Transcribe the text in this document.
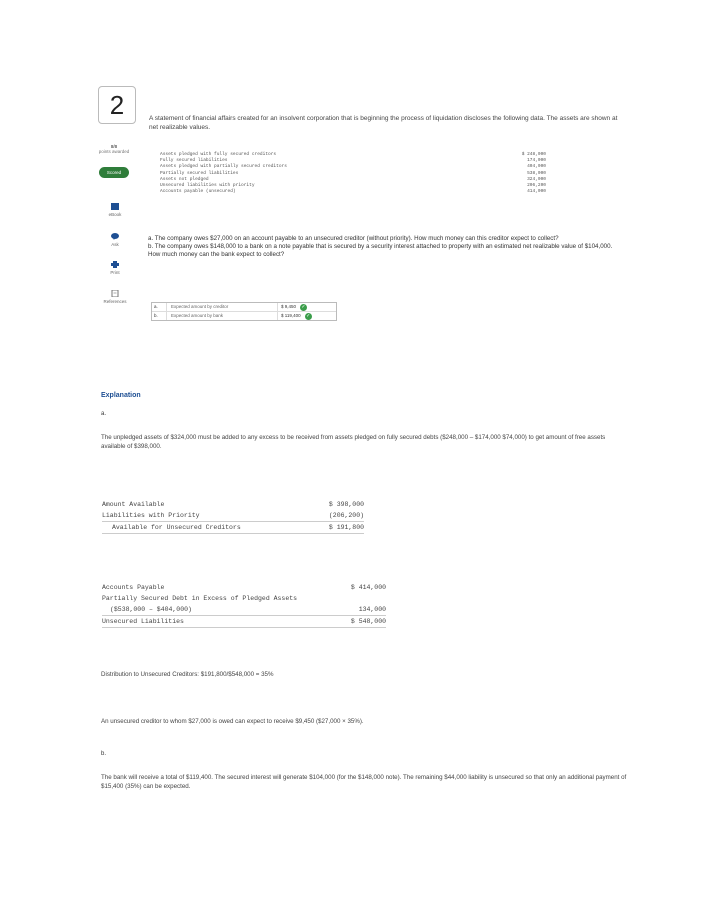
2	A statement of financial affairs created for an insolvent corporation that is beginning the process of liquidation discloses the following data. The assets are shown at net realizable values.
8/8
points awarded
Scored
eBook
Ask
Print
References
Assets pledged with fully secured creditors	$ 248,000
Fully secured liabilities	174,000
Assets pledged with partially secured creditors	404,000
Partially secured liabilities	538,000
Assets not pledged	324,000
Unsecured liabilities with priority	206,200
Accounts payable (unsecured)	414,000
a. The company owes $27,000 on an account payable to an unsecured creditor (without priority). How much money can this creditor expect to collect?
b. The company owes $148,000 to a bank on a note payable that is secured by a security interest attached to property with an estimated net realizable value of $104,000. How much money can the bank expect to collect?
a.	Expected amount by creditor	$ 9,450 ✓
b.	Expected amount by bank	$ 119,400 ✓
Explanation
a.
The unpledged assets of $324,000 must be added to any excess to be received from assets pledged on fully secured debts ($248,000 – $174,000 $74,000) to get amount of free assets available of $398,000.
Amount Available	$ 398,000
Liabilities with Priority	(206,200)
Available for Unsecured Creditors	$ 191,800
Accounts Payable	$ 414,000
Partially Secured Debt in Excess of Pledged Assets
($538,000 – $404,000)	134,000
Unsecured Liabilities	$ 548,000
Distribution to Unsecured Creditors: $191,800/$548,000 = 35%
An unsecured creditor to whom $27,000 is owed can expect to receive $9,450 ($27,000 × 35%).
b.
The bank will receive a total of $119,400. The secured interest will generate $104,000 (for the $148,000 note). The remaining $44,000 liability is unsecured so that only an additional payment of $15,400 (35%) can be expected.
